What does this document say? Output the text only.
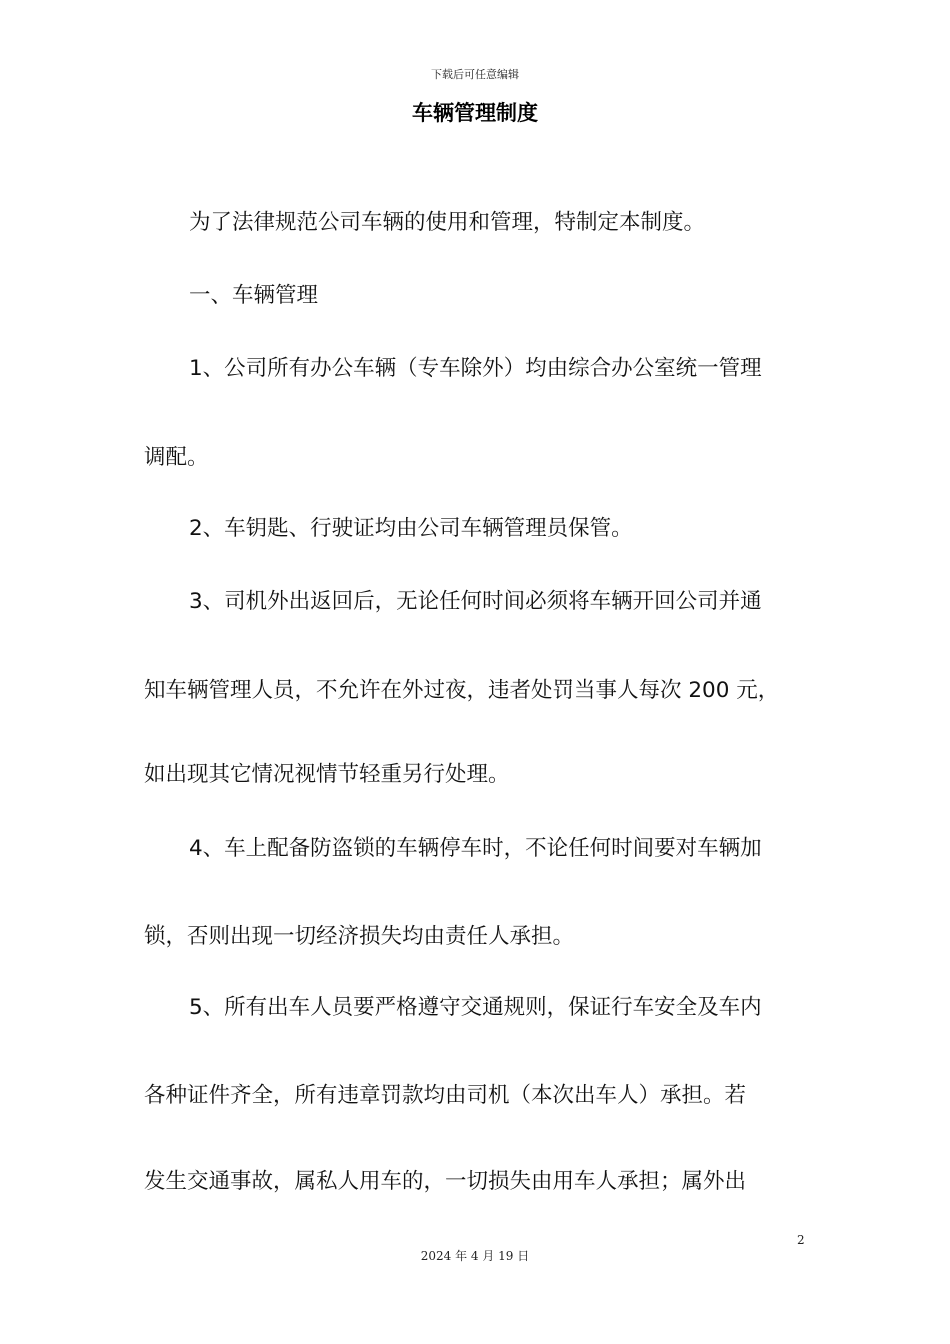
下载后可任意编辑
车辆管理制度
为了法律规范公司车辆的使用和管理，特制定本制度。
一、车辆管理
1、公司所有办公车辆（专车除外）均由综合办公室统一管理
调配。
2、车钥匙、行驶证均由公司车辆管理员保管。
3、司机外出返回后，无论任何时间必须将车辆开回公司并通
知车辆管理人员，不允许在外过夜，违者处罚当事人每次 200 元，
如出现其它情况视情节轻重另行处理。
4、车上配备防盗锁的车辆停车时，不论任何时间要对车辆加
锁，否则出现一切经济损失均由责任人承担。
5、所有出车人员要严格遵守交通规则，保证行车安全及车内
各种证件齐全，所有违章罚款均由司机（本次出车人）承担。若
发生交通事故，属私人用车的，一切损失由用车人承担；属外出
2
2024 年 4 月 19 日
